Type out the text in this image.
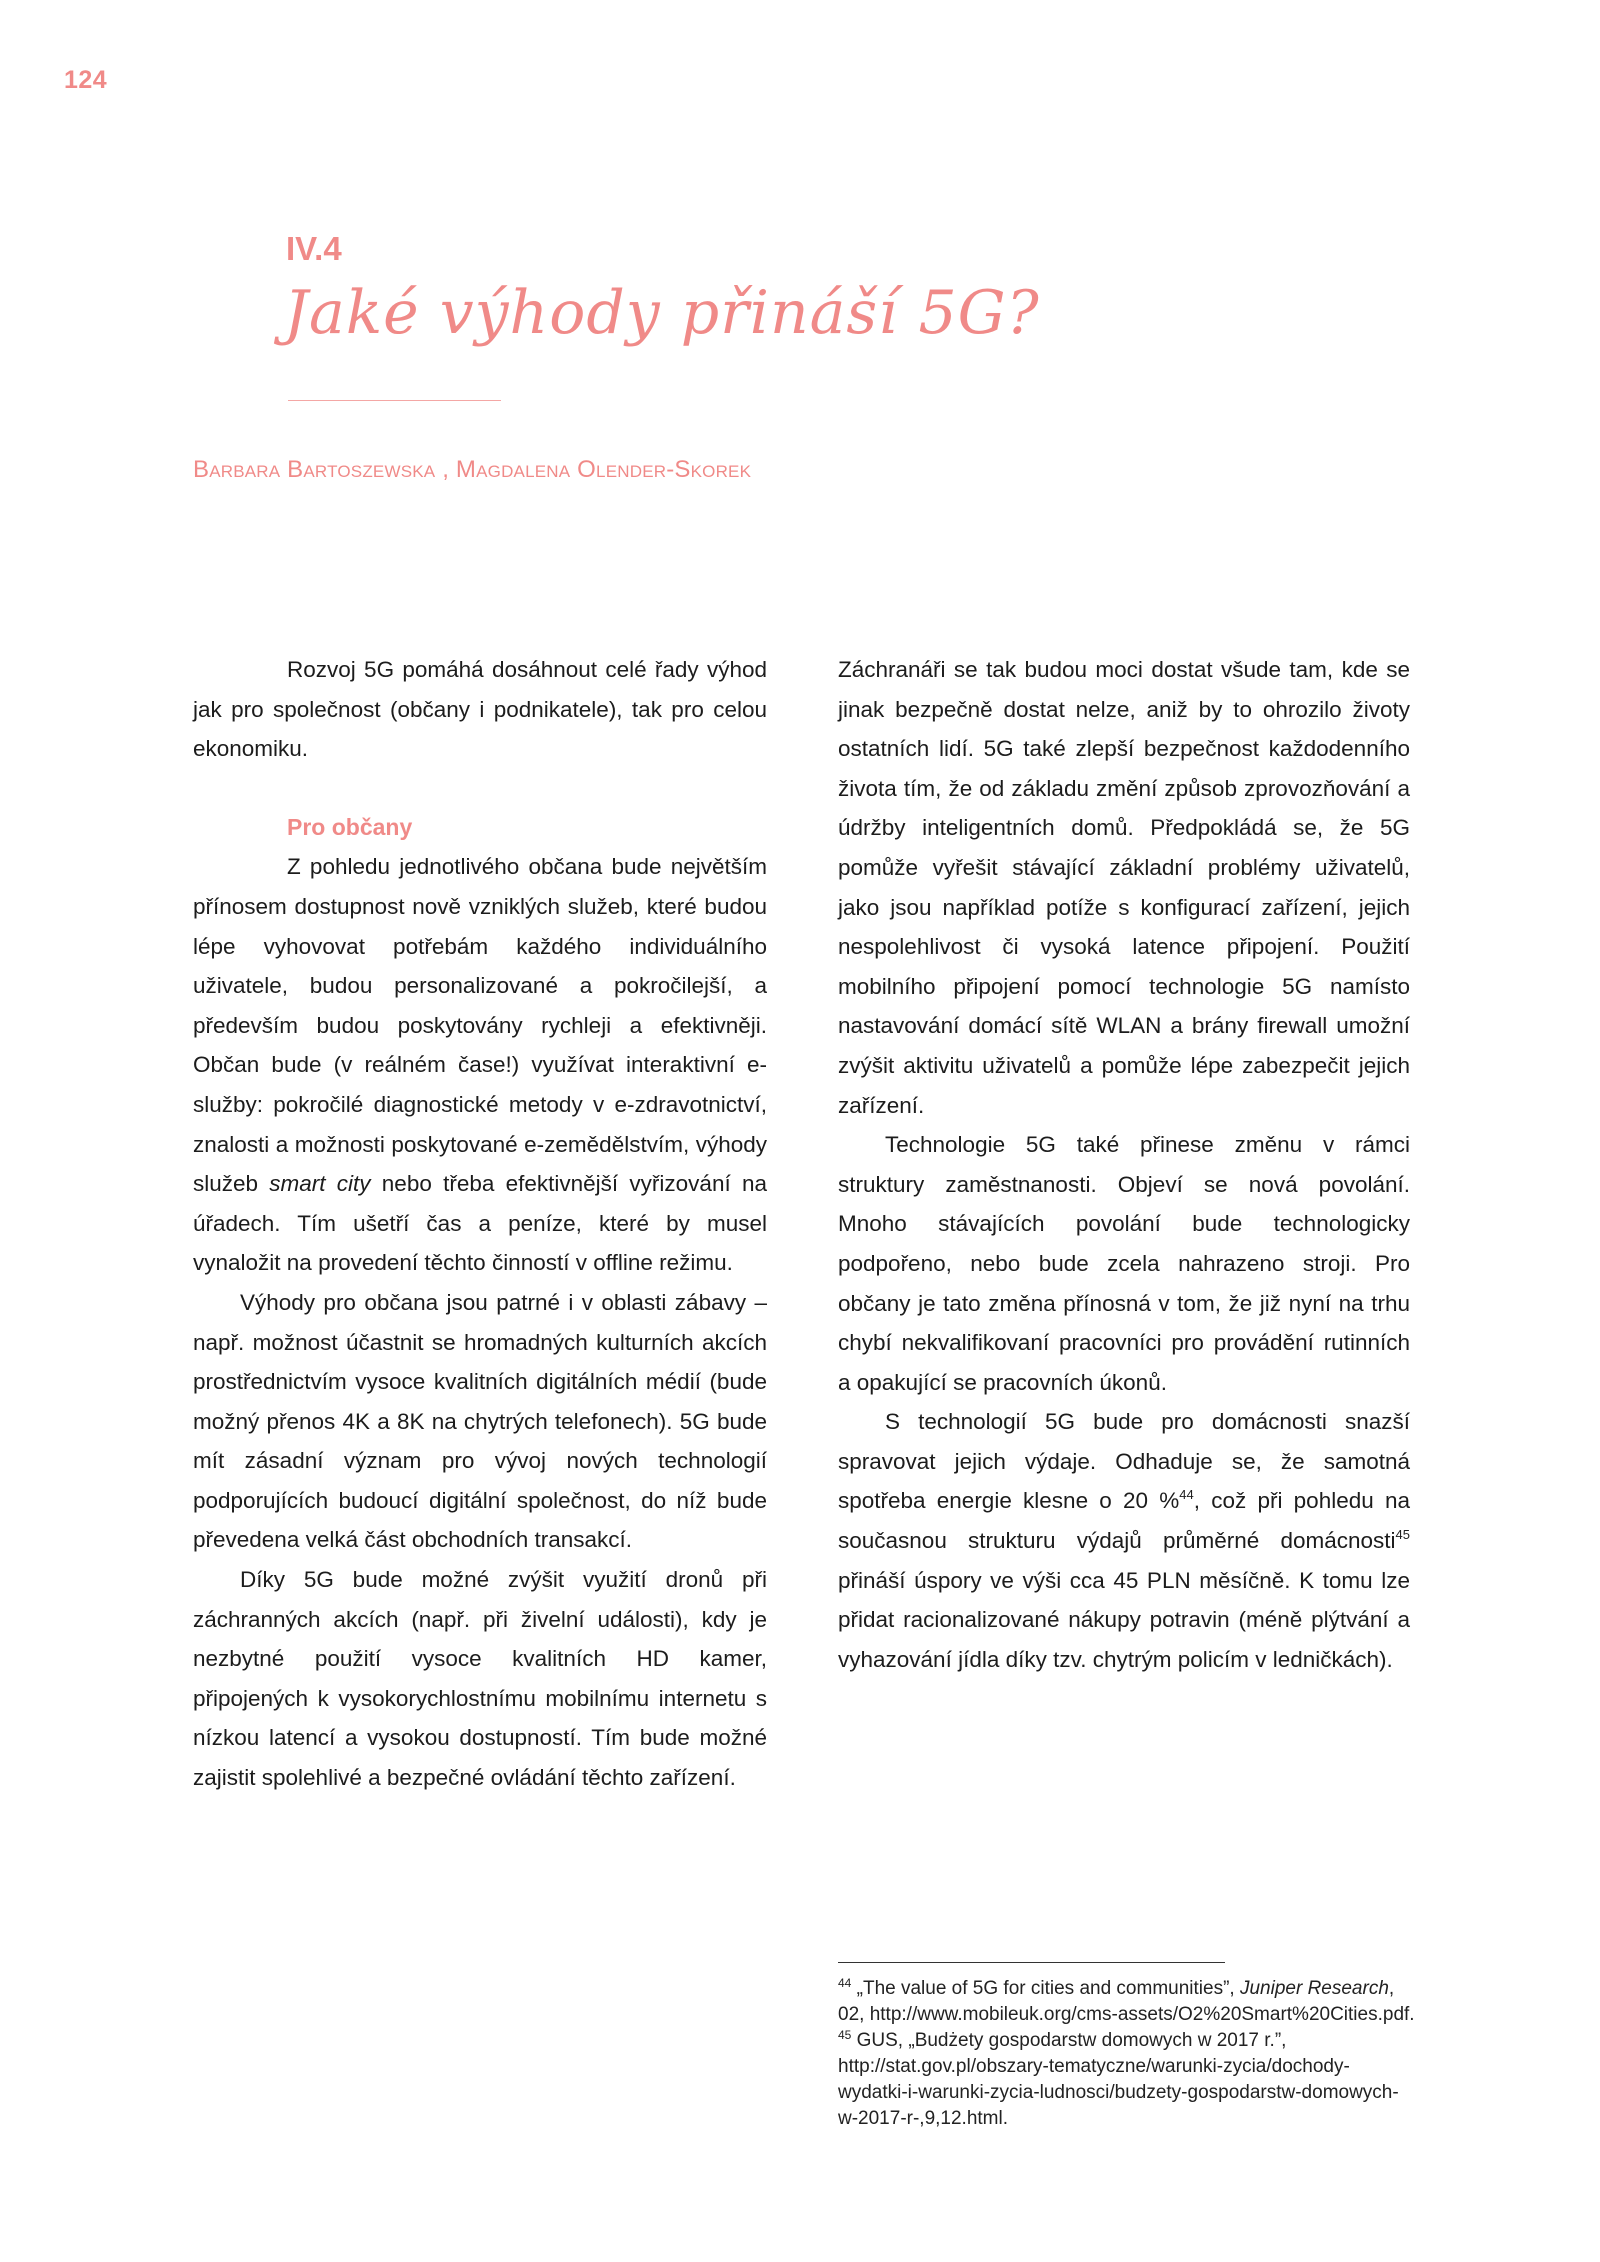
124
IV.4
Jaké výhody přináší 5G?
Barbara Bartoszewska , Magdalena Olender-Skorek

Rozvoj 5G pomáhá dosáhnout celé řady výhod jak pro společnost (občany i podnikatele), tak pro celou ekonomiku.

Pro občany

Z pohledu jednotlivého občana bude největším přínosem dostupnost nově vzniklých služeb, které budou lépe vyhovovat potřebám každého individuálního uživatele, budou personalizované a pokročilejší, a především budou poskytovány rychleji a efektivněji. Občan bude (v reálném čase!) využívat interaktivní e-služby: pokročilé diagnostické metody v e-zdravotnictví, znalosti a možnosti poskytované e-zemědělstvím, výhody služeb smart city nebo třeba efektivnější vyřizování na úřadech. Tím ušetří čas a peníze, které by musel vynaložit na provedení těchto činností v offline režimu.

Výhody pro občana jsou patrné i v oblasti zábavy – např. možnost účastnit se hromadných kulturních akcích prostřednictvím vysoce kvalitních digitálních médií (bude možný přenos 4K a 8K na chytrých telefonech). 5G bude mít zásadní význam pro vývoj nových technologií podporujících budoucí digitální společnost, do níž bude převedena velká část obchodních transakcí.

Díky 5G bude možné zvýšit využití dronů při záchranných akcích (např. při živelní události), kdy je nezbytné použití vysoce kvalitních HD kamer, připojených k vysokorychlostnímu mobilnímu internetu s nízkou latencí a vysokou dostupností. Tím bude možné zajistit spolehlivé a bezpečné ovládání těchto zařízení.

Záchranáři se tak budou moci dostat všude tam, kde se jinak bezpečně dostat nelze, aniž by to ohrozilo životy ostatních lidí. 5G také zlepší bezpečnost každodenního života tím, že od základu změní způsob zprovozňování a údržby inteligentních domů. Předpokládá se, že 5G pomůže vyřešit stávající základní problémy uživatelů, jako jsou například potíže s konfigurací zařízení, jejich nespolehlivost či vysoká latence připojení. Použití mobilního připojení pomocí technologie 5G namísto nastavování domácí sítě WLAN a brány firewall umožní zvýšit aktivitu uživatelů a pomůže lépe zabezpečit jejich zařízení.

Technologie 5G také přinese změnu v rámci struktury zaměstnanosti. Objeví se nová povolání. Mnoho stávajících povolání bude technologicky podpořeno, nebo bude zcela nahrazeno stroji. Pro občany je tato změna přínosná v tom, že již nyní na trhu chybí nekvalifikovaní pracovníci pro provádění rutinních a opakující se pracovních úkonů.

S technologií 5G bude pro domácnosti snazší spravovat jejich výdaje. Odhaduje se, že samotná spotřeba energie klesne o 20 %$^{44}$, což při pohledu na současnou strukturu výdajů průměrné domácnosti$^{45}$ přináší úspory ve výši cca 45 PLN měsíčně. K tomu lze přidat racionalizované nákupy potravin (méně plýtvání a vyhazování jídla díky tzv. chytrým policím v ledničkách).

$^{44}$ „The value of 5G for cities and communities”, Juniper Research, 02, http://www.mobileuk.org/cms-assets/O2%20Smart%20Cities.pdf.

$^{45}$ GUS, „Budżety gospodarstw domowych w 2017 r.”, http://stat.gov.pl/obszary-tematyczne/warunki-zycia/dochody-wydatki-i-warunki-zycia-ludnosci/budzety-gospodarstw-domowych-w-2017-r-,9,12.html.
